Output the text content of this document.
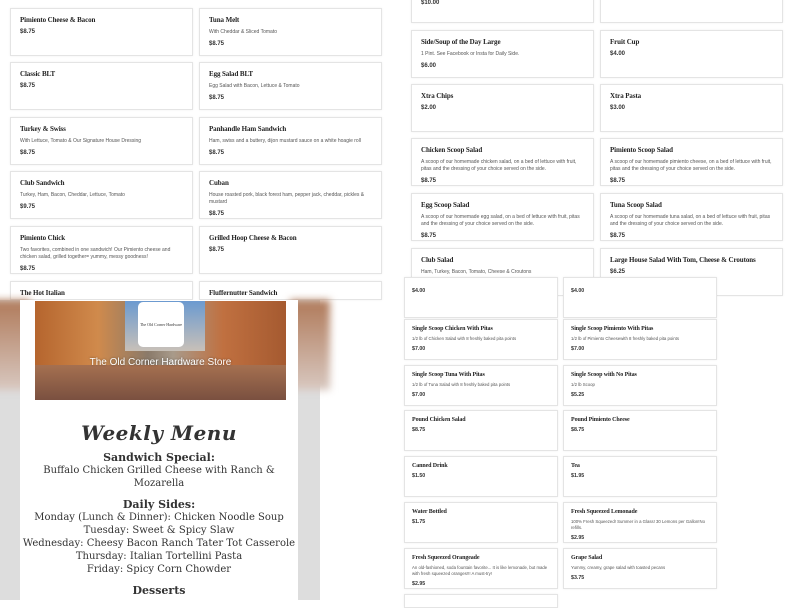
Pimiento Cheese & Bacon
$8.75
Tuna Melt
With Cheddar & Sliced Tomato
$8.75
Classic BLT
$8.75
Egg Salad BLT
Egg Salad with Bacon, Lettuce & Tomato
$8.75
Turkey & Swiss
With Lettuce, Tomato & Our Signature House Dressing
$8.75
Panhandle Ham Sandwich
Ham, swiss and a buttery, dijon mustard sauce on a white hoagie roll
$8.75
Club Sandwich
Turkey, Ham, Bacon, Cheddar, Lettuce, Tomato
$9.75
Cuban
House roasted pork, black forest ham, pepper jack, cheddar, pickles & mustard
$8.75
Pimiento Chick
Two favorites, combined in one sandwich! Our Pimiento cheese and chicken salad, grilled together= yummy, messy goodness!
$8.75
Grilled Hoop Cheese & Bacon
$8.75
The Hot Italian	Fluffernutter Sandwich
$10.00
Side/Soup of the Day Large
1 Pint. See Facebook or Insta for Daily Side.
$6.00
Fruit Cup
$4.00
Xtra Chips
$2.00
Xtra Pasta
$3.00
Chicken Scoop Salad
A scoop of our homemade chicken salad, on a bed of lettuce with fruit, pitas and the dressing of your choice served on the side.
$8.75
Pimiento Scoop Salad
A scoop of our homemade pimiento cheese, on a bed of lettuce with fruit, pitas and the dressing of your choice served on the side.
$8.75
Egg Scoop Salad
A scoop of our homemade egg salad, on a bed of lettuce with fruit, pitas and the dressing of your choice served on the side.
$8.75
Tuna Scoop Salad
A scoop of our homemade tuna salad, on a bed of lettuce with fruit, pitas and the dressing of your choice served on the side.
$8.75
Club Salad
Ham, Turkey, Bacon, Tomato, Cheese & Croutons
Large House Salad With Tom, Cheese & Croutons
$6.25
$4.00	$4.00
Single Scoop Chicken With Pitas
1/2 lb of Chicken Salad with 8 freshly baked pita points
$7.00
Single Scoop Pimiento With Pitas
1/2 lb of Pimiento Cheesewith 8 freshly baked pita points
$7.00
Single Scoop Tuna With Pitas
1/2 lb of Tuna Salad with 8 freshly baked pita points
$7.00
Single Scoop with No Pitas
1/2 lb Scoop
$5.25
Pound Chicken Salad
$8.75
Pound Pimiento Cheese
$8.75
Canned Drink
$1.50
Tea
$1.95
Water Bottled
$1.75
Fresh Squeezed Lemonade
100% Fresh Squeezed! Summer in a Glass! 30 Lemons per Gallon!No refills.
$2.95
Fresh Squeezed Orangeade
An old-fashioned, soda fountain favorite... It is like lemonade, but made with fresh squeezed oranges!!! A must-try!
$2.95
Grape Salad
Yummy, creamy, grape salad with toasted pecans
$3.75
The Old Corner Hardware
The Old Corner Hardware Store
Weekly Menu
Sandwich Special:

Buffalo Chicken Grilled Cheese with Ranch & Mozarella

Daily Sides:

Monday (Lunch & Dinner): Chicken Noodle Soup

Tuesday: Sweet & Spicy Slaw

Wednesday: Cheesy Bacon Ranch Tater Tot Casserole

Thursday: Italian Tortellini Pasta

Friday: Spicy Corn Chowder

Desserts
